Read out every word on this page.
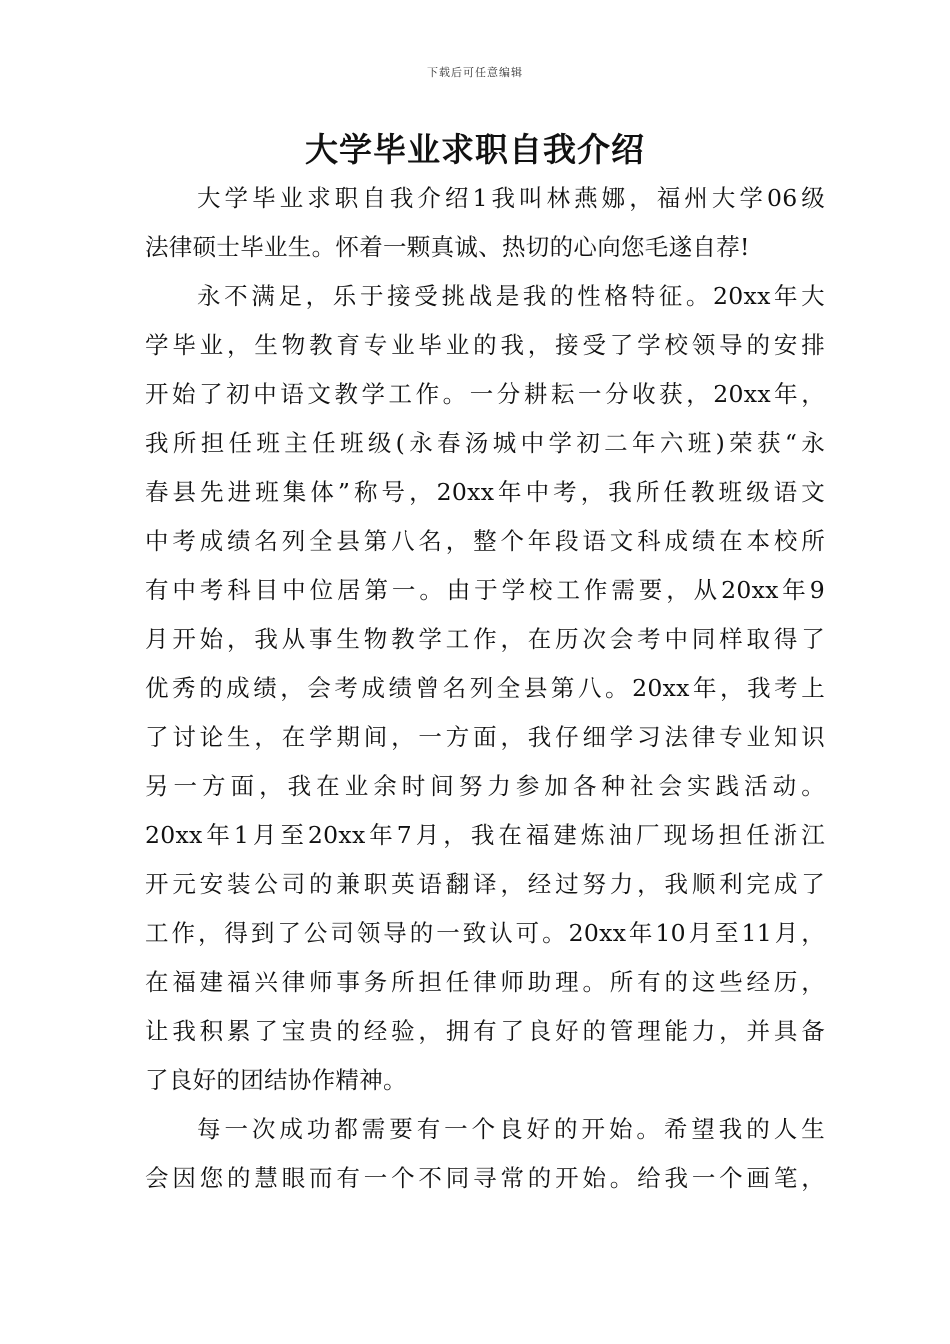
下载后可任意编辑
大学毕业求职自我介绍
大学毕业求职自我介绍1我叫林燕娜，福州大学06级
法律硕士毕业生。怀着一颗真诚、热切的心向您毛遂自荐!
永不满足，乐于接受挑战是我的性格特征。20xx年大
学毕业，生物教育专业毕业的我，接受了学校领导的安排
开始了初中语文教学工作。一分耕耘一分收获，20xx年，
我所担任班主任班级(永春汤城中学初二年六班)荣获“永
春县先进班集体”称号，20xx年中考，我所任教班级语文
中考成绩名列全县第八名，整个年段语文科成绩在本校所
有中考科目中位居第一。由于学校工作需要，从20xx年9
月开始，我从事生物教学工作，在历次会考中同样取得了
优秀的成绩，会考成绩曾名列全县第八。20xx年，我考上
了讨论生，在学期间，一方面，我仔细学习法律专业知识
另一方面，我在业余时间努力参加各种社会实践活动。
20xx年1月至20xx年7月，我在福建炼油厂现场担任浙江
开元安装公司的兼职英语翻译，经过努力，我顺利完成了
工作，得到了公司领导的一致认可。20xx年10月至11月，
在福建福兴律师事务所担任律师助理。所有的这些经历，
让我积累了宝贵的经验，拥有了良好的管理能力，并具备
了良好的团结协作精神。
每一次成功都需要有一个良好的开始。希望我的人生
会因您的慧眼而有一个不同寻常的开始。给我一个画笔，
